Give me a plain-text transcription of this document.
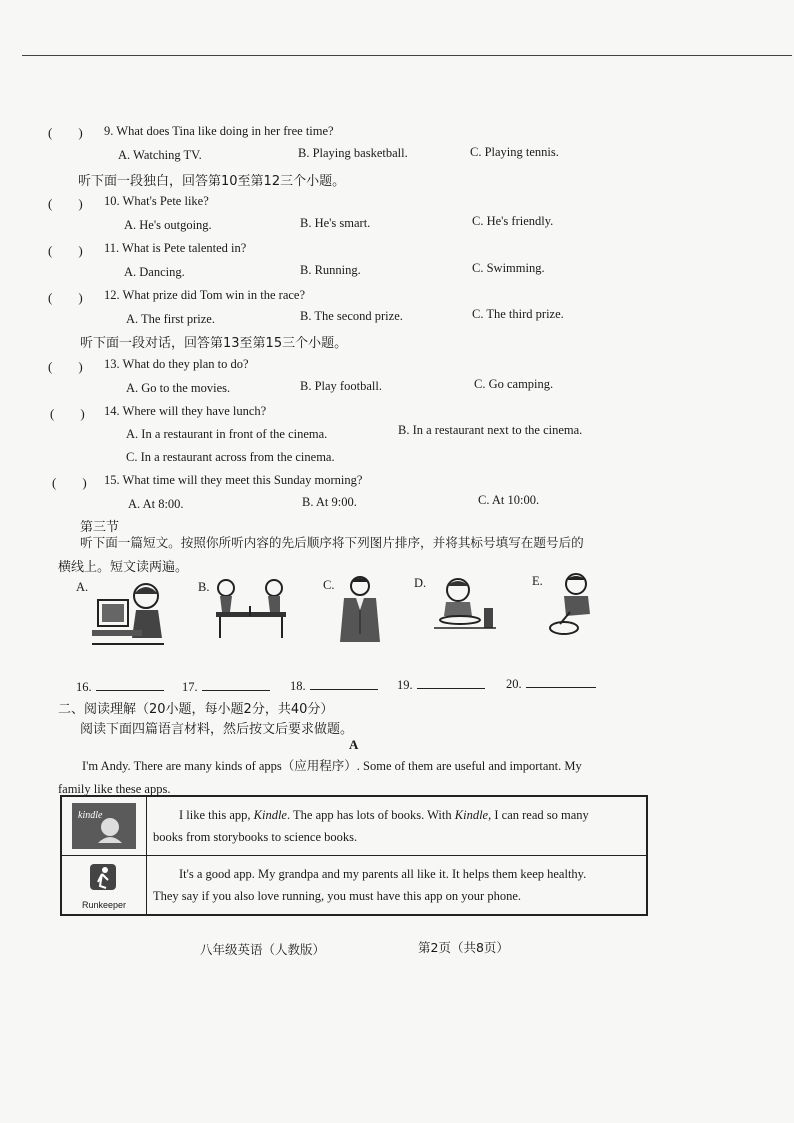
(　　) 9. What does Tina like doing in her free time?
A. Watching TV.	B. Playing basketball.	C. Playing tennis.
听下面一段独白，回答第10至第12三个小题。
(　　) 10. What's Pete like?
A. He's outgoing.	B. He's smart.	C. He's friendly.
(　　) 11. What is Pete talented in?
A. Dancing.	B. Running.	C. Swimming.
(　　) 12. What prize did Tom win in the race?
A. The first prize.	B. The second prize.	C. The third prize.
听下面一段对话，回答第13至第15三个小题。
(　　) 13. What do they plan to do?
A. Go to the movies.	B. Play football.	C. Go camping.
(　　) 14. Where will they have lunch?
A. In a restaurant in front of the cinema.	B. In a restaurant next to the cinema.
C. In a restaurant across from the cinema.
(　　) 15. What time will they meet this Sunday morning?
A. At 8:00.	B. At 9:00.	C. At 10:00.
第三节
听下面一篇短文。按照你所听内容的先后顺序将下列图片排序，并将其标号填写在题号后的
横线上。短文读两遍。
A.	B.	C.	D.	E.
16.	17.	18.	19.	20.
二、阅读理解（20小题，每小题2分，共40分）
阅读下面四篇语言材料，然后按文后要求做题。
A
I'm Andy. There are many kinds of apps（应用程序）. Some of them are useful and important. My
family like these apps.
kindle	I like this app, Kindle. The app has lots of books. With Kindle, I can read so many
books from storybooks to science books.

Runkeeper	It's a good app. My grandpa and my parents all like it. It helps them keep healthy.
They say if you also love running, you must have this app on your phone.
八年级英语（人教版）	第2页（共8页）
